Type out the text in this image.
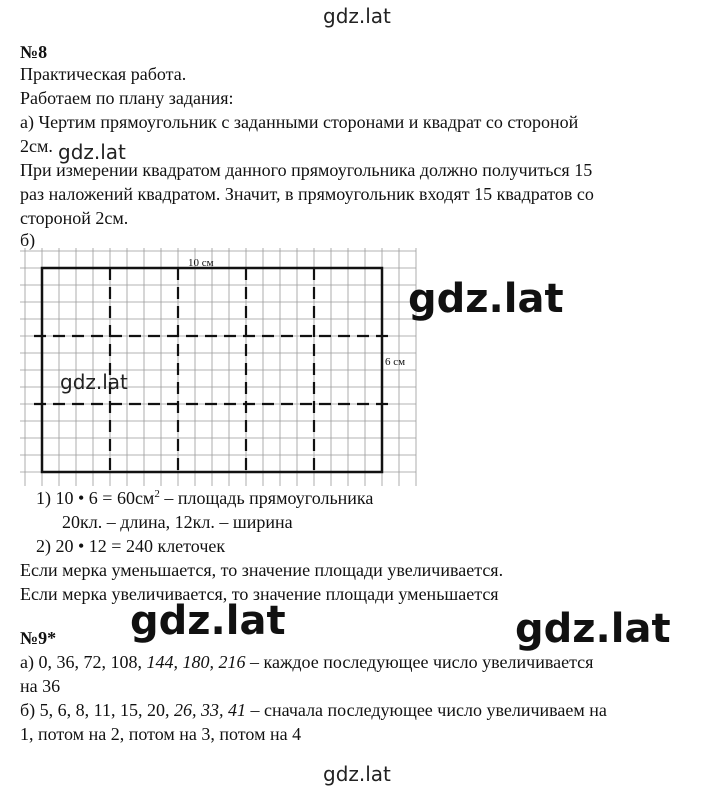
gdz.lat
gdz.lat
№8
Практическая работа.
Работаем по плану задания:
а) Чертим прямоугольник с заданными сторонами и квадрат со стороной
2см.
При измерении квадратом данного прямоугольника должно получиться 15
раз наложений квадратом. Значит, в прямоугольник входят 15 квадратов со
стороной 2см.
б)
10 см
6 см
gdz.lat
gdz.lat
1) 10 • $6 = 60см^2$ – площадь прямоугольника
20кл. – длина, 12кл. – ширина
2) 20 • 12 = 240 клеточек
Если мерка уменьшается, то значение площади увеличивается.
Если мерка увеличивается, то значение площади уменьшается
gdz.lat	gdz.lat
№9*
а) 0, 36, 72, 108, 144, 180, 216 – каждое последующее число увеличивается
на 36
б) 5, 6, 8, 11, 15, 20, 26, 33, 41 – сначала последующее число увеличиваем на
1, потом на 2, потом на 3, потом на 4
gdz.lat
